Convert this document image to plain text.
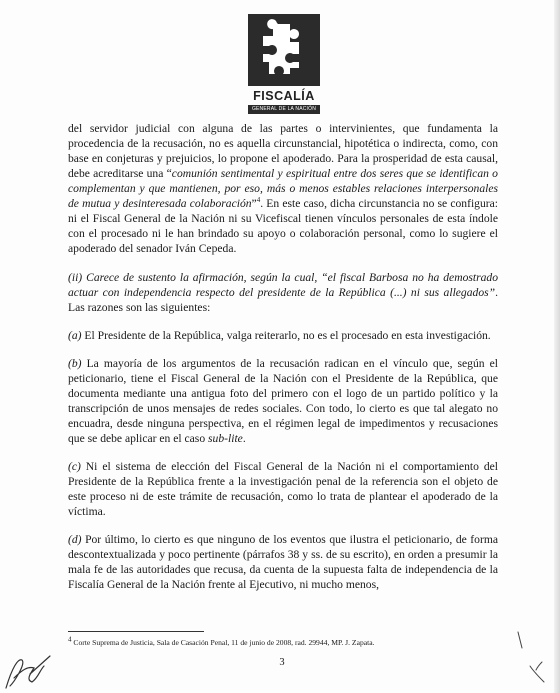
FISCALÍA
GENERAL DE LA NACIÓN

del servidor judicial con alguna de las partes o intervinientes, que fundamenta la procedencia de la recusación, no es aquella circunstancial, hipotética o indirecta, como, con base en conjeturas y prejuicios, lo propone el apoderado. Para la prosperidad de esta causal, debe acreditarse una “comunión sentimental y espiritual entre dos seres que se identifican o complementan y que mantienen, por eso, más o menos estables relaciones interpersonales de mutua y desinteresada colaboración”$^4$. En este caso, dicha circunstancia no se configura: ni el Fiscal General de la Nación ni su Vicefiscal tienen vínculos personales de esta índole con el procesado ni le han brindado su apoyo o colaboración personal, como lo sugiere el apoderado del senador Iván Cepeda.

(ii) Carece de sustento la afirmación, según la cual, “el fiscal Barbosa no ha demostrado actuar con independencia respecto del presidente de la República (...) ni sus allegados”. Las razones son las siguientes:

(a) El Presidente de la República, valga reiterarlo, no es el procesado en esta investigación.

(b) La mayoría de los argumentos de la recusación radican en el vínculo que, según el peticionario, tiene el Fiscal General de la Nación con el Presidente de la República, que documenta mediante una antigua foto del primero con el logo de un partido político y la transcripción de unos mensajes de redes sociales. Con todo, lo cierto es que tal alegato no encuadra, desde ninguna perspectiva, en el régimen legal de impedimentos y recusaciones que se debe aplicar en el caso sub-lite.

(c) Ni el sistema de elección del Fiscal General de la Nación ni el comportamiento del Presidente de la República frente a la investigación penal de la referencia son el objeto de este proceso ni de este trámite de recusación, como lo trata de plantear el apoderado de la víctima.

(d) Por último, lo cierto es que ninguno de los eventos que ilustra el peticionario, de forma descontextualizada y poco pertinente (párrafos 38 y ss. de su escrito), en orden a presumir la mala fe de las autoridades que recusa, da cuenta de la supuesta falta de independencia de la Fiscalía General de la Nación frente al Ejecutivo, ni mucho menos,

$^4$ Corte Suprema de Justicia, Sala de Casación Penal, 11 de junio de 2008, rad. 29944, MP. J. Zapata.
3
